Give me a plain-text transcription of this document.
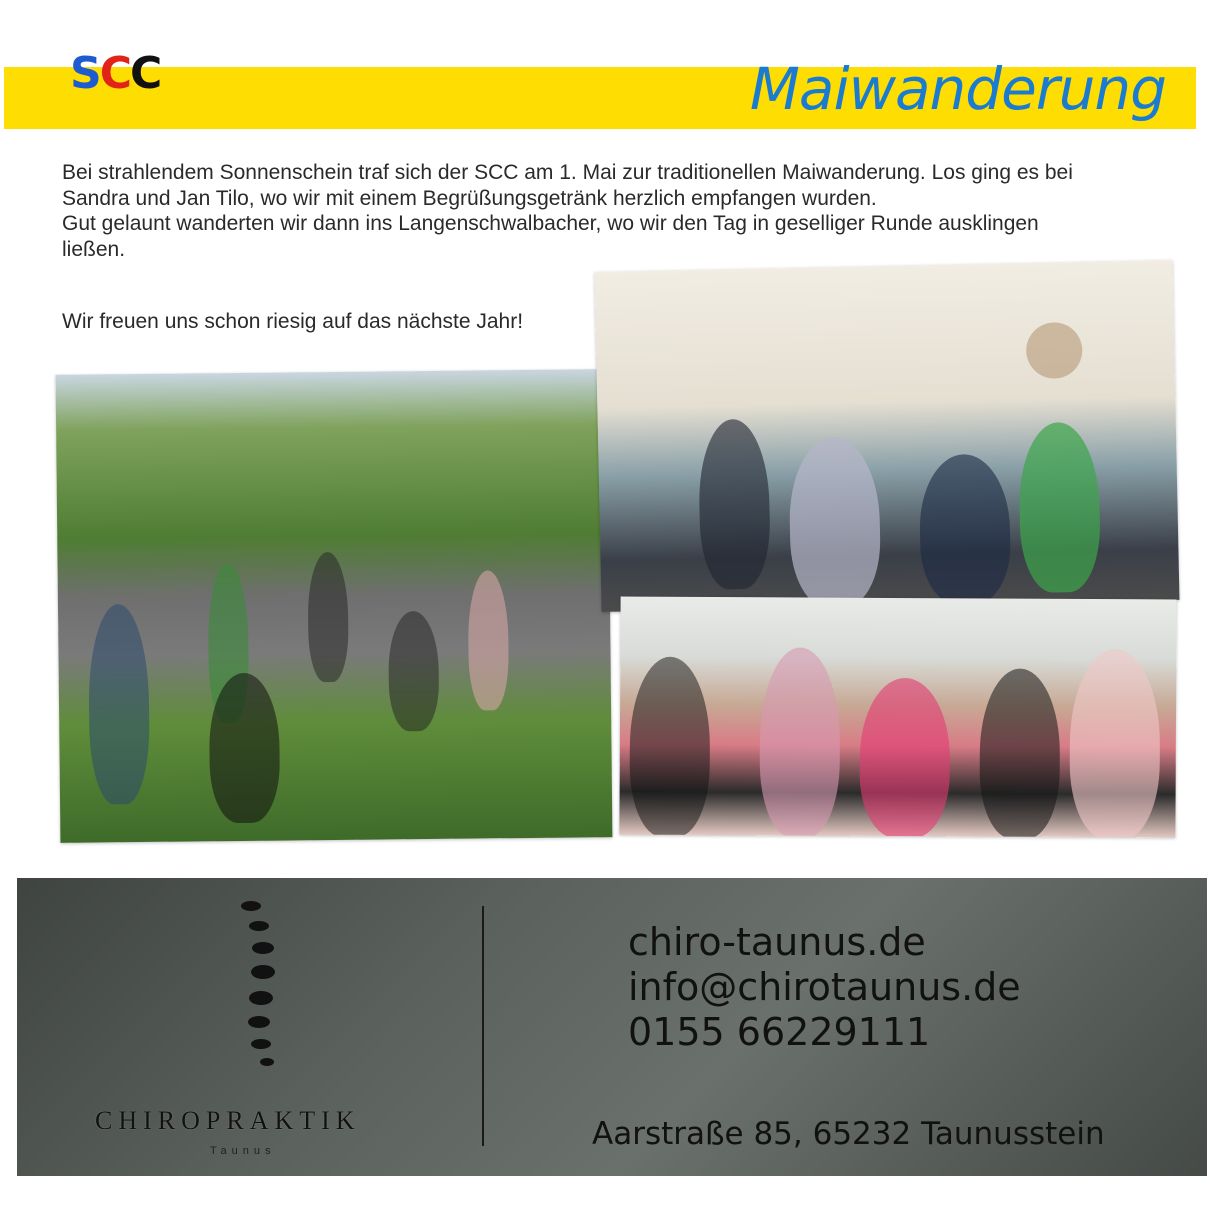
SCC	Maiwanderung

Bei strahlendem Sonnenschein traf sich der SCC am 1. Mai zur traditionellen Maiwanderung. Los ging es bei

Sandra und Jan Tilo, wo wir mit einem Begrüßungsgetränk herzlich empfangen wurden.

Gut gelaunt wanderten wir dann ins Langenschwalbacher, wo wir den Tag in geselliger Runde ausklingen

ließen.

Wir freuen uns schon riesig auf das nächste Jahr!
CHIROPRAKTIK
Taunus
chiro-taunus.de
info@chirotaunus.de
0155 66229111
Aarstraße 85, 65232 Taunusstein
